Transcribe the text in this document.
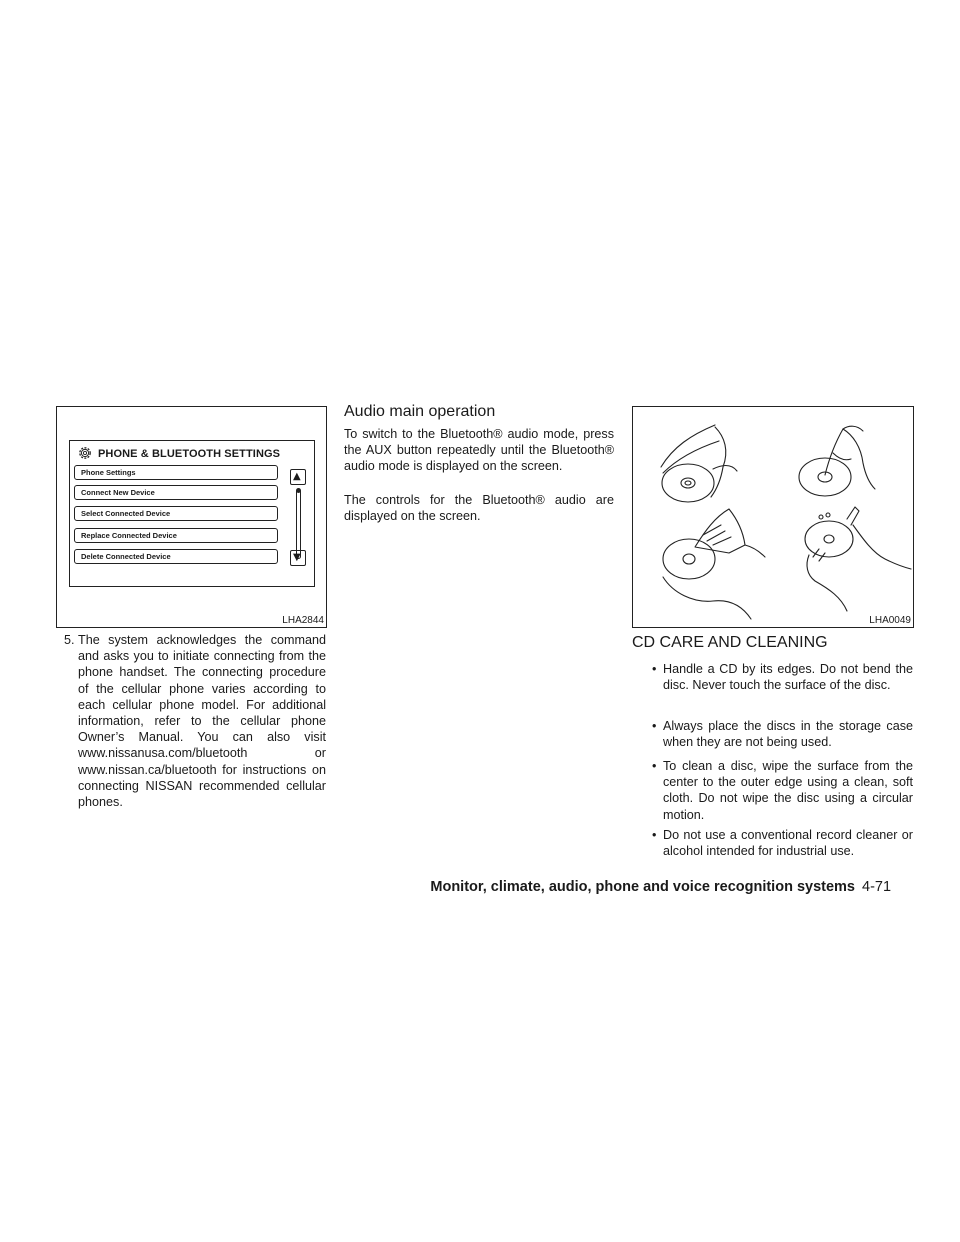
PHONE & BLUETOOTH SETTINGS
Phone Settings
Connect New Device
Select Connected Device
Replace Connected Device
Delete Connected Device
▲
▼
LHA2844
5. The system acknowledges the command and asks you to initiate connecting from the phone handset. The connecting procedure of the cellular phone varies according to each cellular phone model. For additional information, refer to the cellular phone Owner’s Manual. You can also visit www.nissanusa.com/bluetooth or www.nissan.ca/bluetooth for instructions on connecting NISSAN recommended cellular phones.
Audio main operation
To switch to the Bluetooth® audio mode, press the AUX button repeatedly until the Bluetooth® audio mode is displayed on the screen.
The controls for the Bluetooth® audio are displayed on the screen.
LHA0049
CD CARE AND CLEANING
• Handle a CD by its edges. Do not bend the disc. Never touch the surface of the disc.
• Always place the discs in the storage case when they are not being used.
• To clean a disc, wipe the surface from the center to the outer edge using a clean, soft cloth. Do not wipe the disc using a circular motion.
• Do not use a conventional record cleaner or alcohol intended for industrial use.
Monitor, climate, audio, phone and voice recognition systems 4-71
